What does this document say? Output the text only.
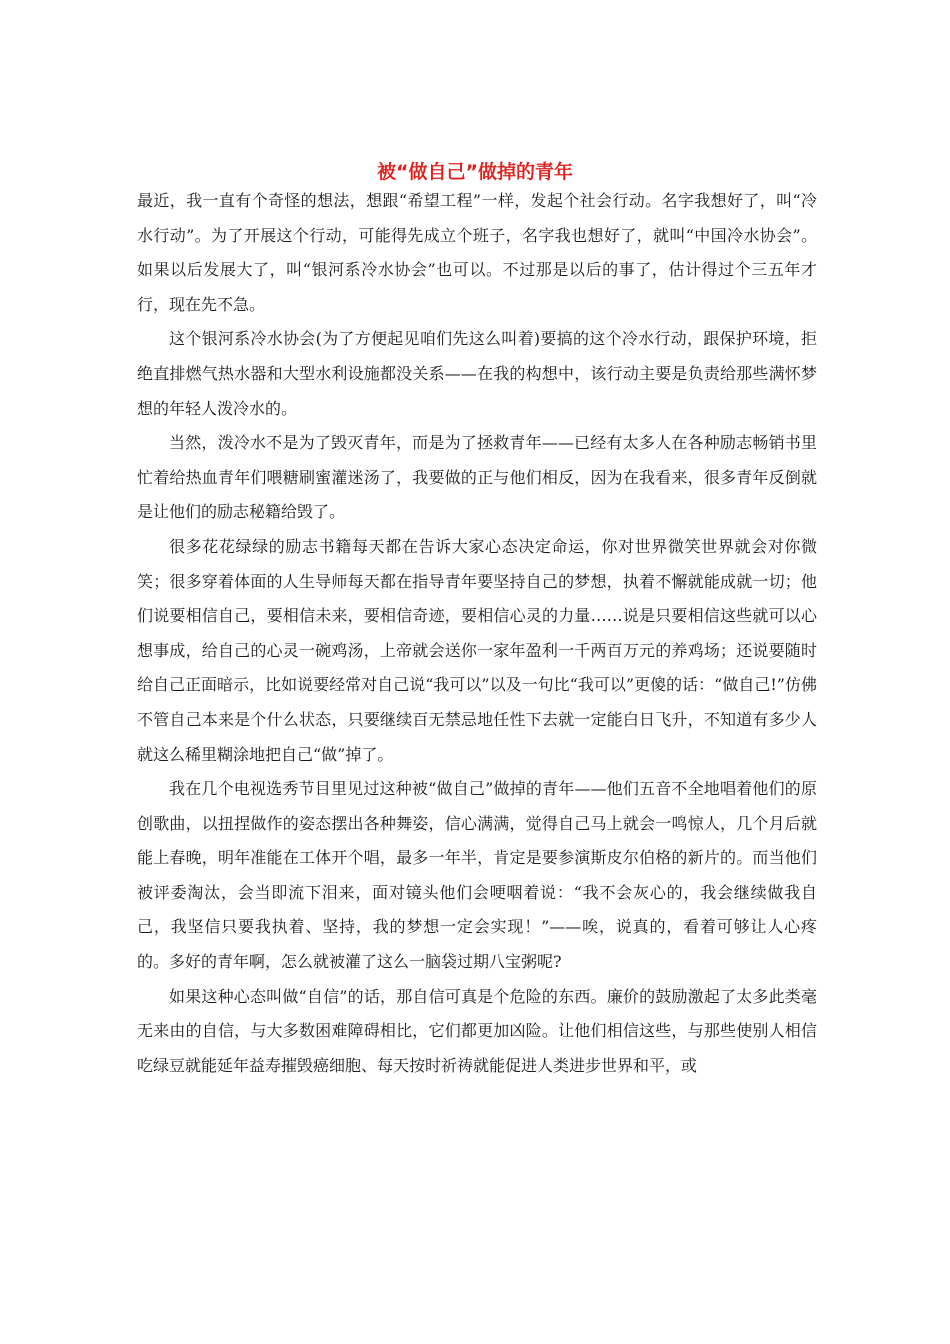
被“做自己”做掉的青年

最近，我一直有个奇怪的想法，想跟“希望工程”一样，发起个社会行动。名字我想好了，叫“冷水行动”。为了开展这个行动，可能得先成立个班子，名字我也想好了，就叫“中国冷水协会”。如果以后发展大了，叫“银河系冷水协会”也可以。不过那是以后的事了，估计得过个三五年才行，现在先不急。

这个银河系冷水协会(为了方便起见咱们先这么叫着)要搞的这个冷水行动，跟保护环境，拒绝直排燃气热水器和大型水利设施都没关系——在我的构想中，该行动主要是负责给那些满怀梦想的年轻人泼冷水的。

当然，泼冷水不是为了毁灭青年，而是为了拯救青年——已经有太多人在各种励志畅销书里忙着给热血青年们喂糖刷蜜灌迷汤了，我要做的正与他们相反，因为在我看来，很多青年反倒就是让他们的励志秘籍给毁了。

很多花花绿绿的励志书籍每天都在告诉大家心态决定命运，你对世界微笑世界就会对你微笑；很多穿着体面的人生导师每天都在指导青年要坚持自己的梦想，执着不懈就能成就一切；他们说要相信自己，要相信未来，要相信奇迹，要相信心灵的力量……说是只要相信这些就可以心想事成，给自己的心灵一碗鸡汤，上帝就会送你一家年盈利一千两百万元的养鸡场；还说要随时给自己正面暗示，比如说要经常对自己说“我可以”以及一句比“我可以”更傻的话：“做自己!”仿佛不管自己本来是个什么状态，只要继续百无禁忌地任性下去就一定能白日飞升，不知道有多少人就这么稀里糊涂地把自己“做”掉了。

我在几个电视选秀节目里见过这种被“做自己”做掉的青年——他们五音不全地唱着他们的原创歌曲，以扭捏做作的姿态摆出各种舞姿，信心满满，觉得自己马上就会一鸣惊人，几个月后就能上春晚，明年准能在工体开个唱，最多一年半，肯定是要参演斯皮尔伯格的新片的。而当他们被评委淘汰，会当即流下泪来，面对镜头他们会哽咽着说：“我不会灰心的，我会继续做我自己，我坚信只要我执着、坚持，我的梦想一定会实现！”——唉，说真的，看着可够让人心疼的。多好的青年啊，怎么就被灌了这么一脑袋过期八宝粥呢?

如果这种心态叫做“自信”的话，那自信可真是个危险的东西。廉价的鼓励激起了太多此类毫无来由的自信，与大多数困难障碍相比，它们都更加凶险。让他们相信这些，与那些使别人相信吃绿豆就能延年益寿摧毁癌细胞、每天按时祈祷就能促进人类进步世界和平，或
